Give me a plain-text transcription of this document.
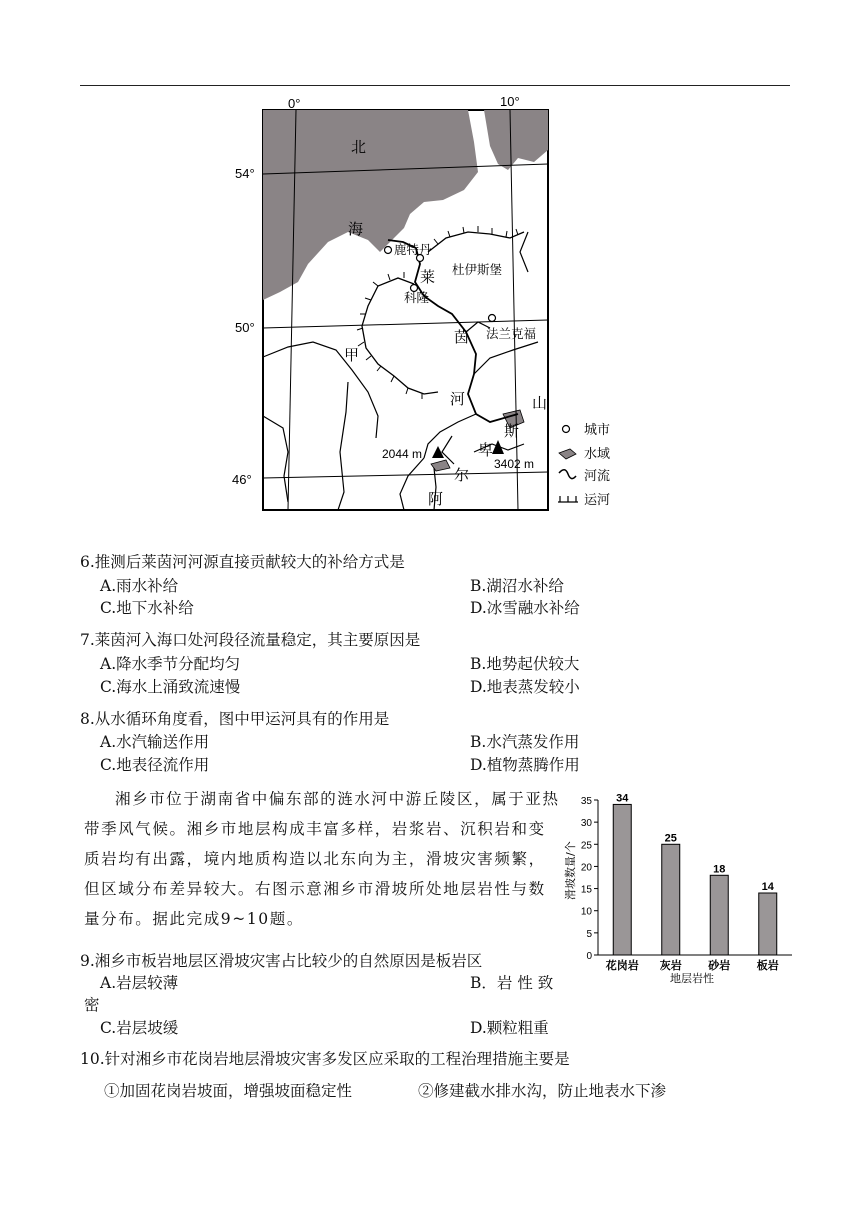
0°	10°
54°
50°
46°
北
海
莱
茵
河
甲
阿
尔
卑
斯
山
鹿特丹
杜伊斯堡
科隆
法兰克福
2044 m
3402 m
城市
水域
河流
运河
6.推测后莱茵河河源直接贡献较大的补给方式是
A.雨水补给	B.湖沼水补给
C.地下水补给	D.冰雪融水补给
7.莱茵河入海口处河段径流量稳定，其主要原因是
A.降水季节分配均匀	B.地势起伏较大
C.海水上涌致流速慢	D.地表蒸发较小
8.从水循环角度看，图中甲运河具有的作用是
A.水汽输送作用	B.水汽蒸发作用
C.地表径流作用	D.植物蒸腾作用

湘乡市位于湖南省中偏东部的涟水河中游丘陵区，属于亚热带季风气候。湘乡市地层构成丰富多样，岩浆岩、沉积岩和变质岩均有出露，境内地质构造以北东向为主，滑坡灾害频繁，但区域分布差异较大。右图示意湘乡市滑坡所处地层岩性与数量分布。据此完成9~10题。

0
5
10
15
20
25
30
35 34
花岗岩
25
灰岩
18
砂岩
14
板岩
滑坡数量/个
地层岩性
9.湘乡市板岩地层区滑坡灾害占比较少的自然原因是板岩区
A.岩层较薄	B．岩 性 致
密
C.岩层坡缓	D.颗粒粗重
10.针对湘乡市花岗岩地层滑坡灾害多发区应采取的工程治理措施主要是
①加固花岗岩坡面，增强坡面稳定性	②修建截水排水沟，防止地表水下渗
